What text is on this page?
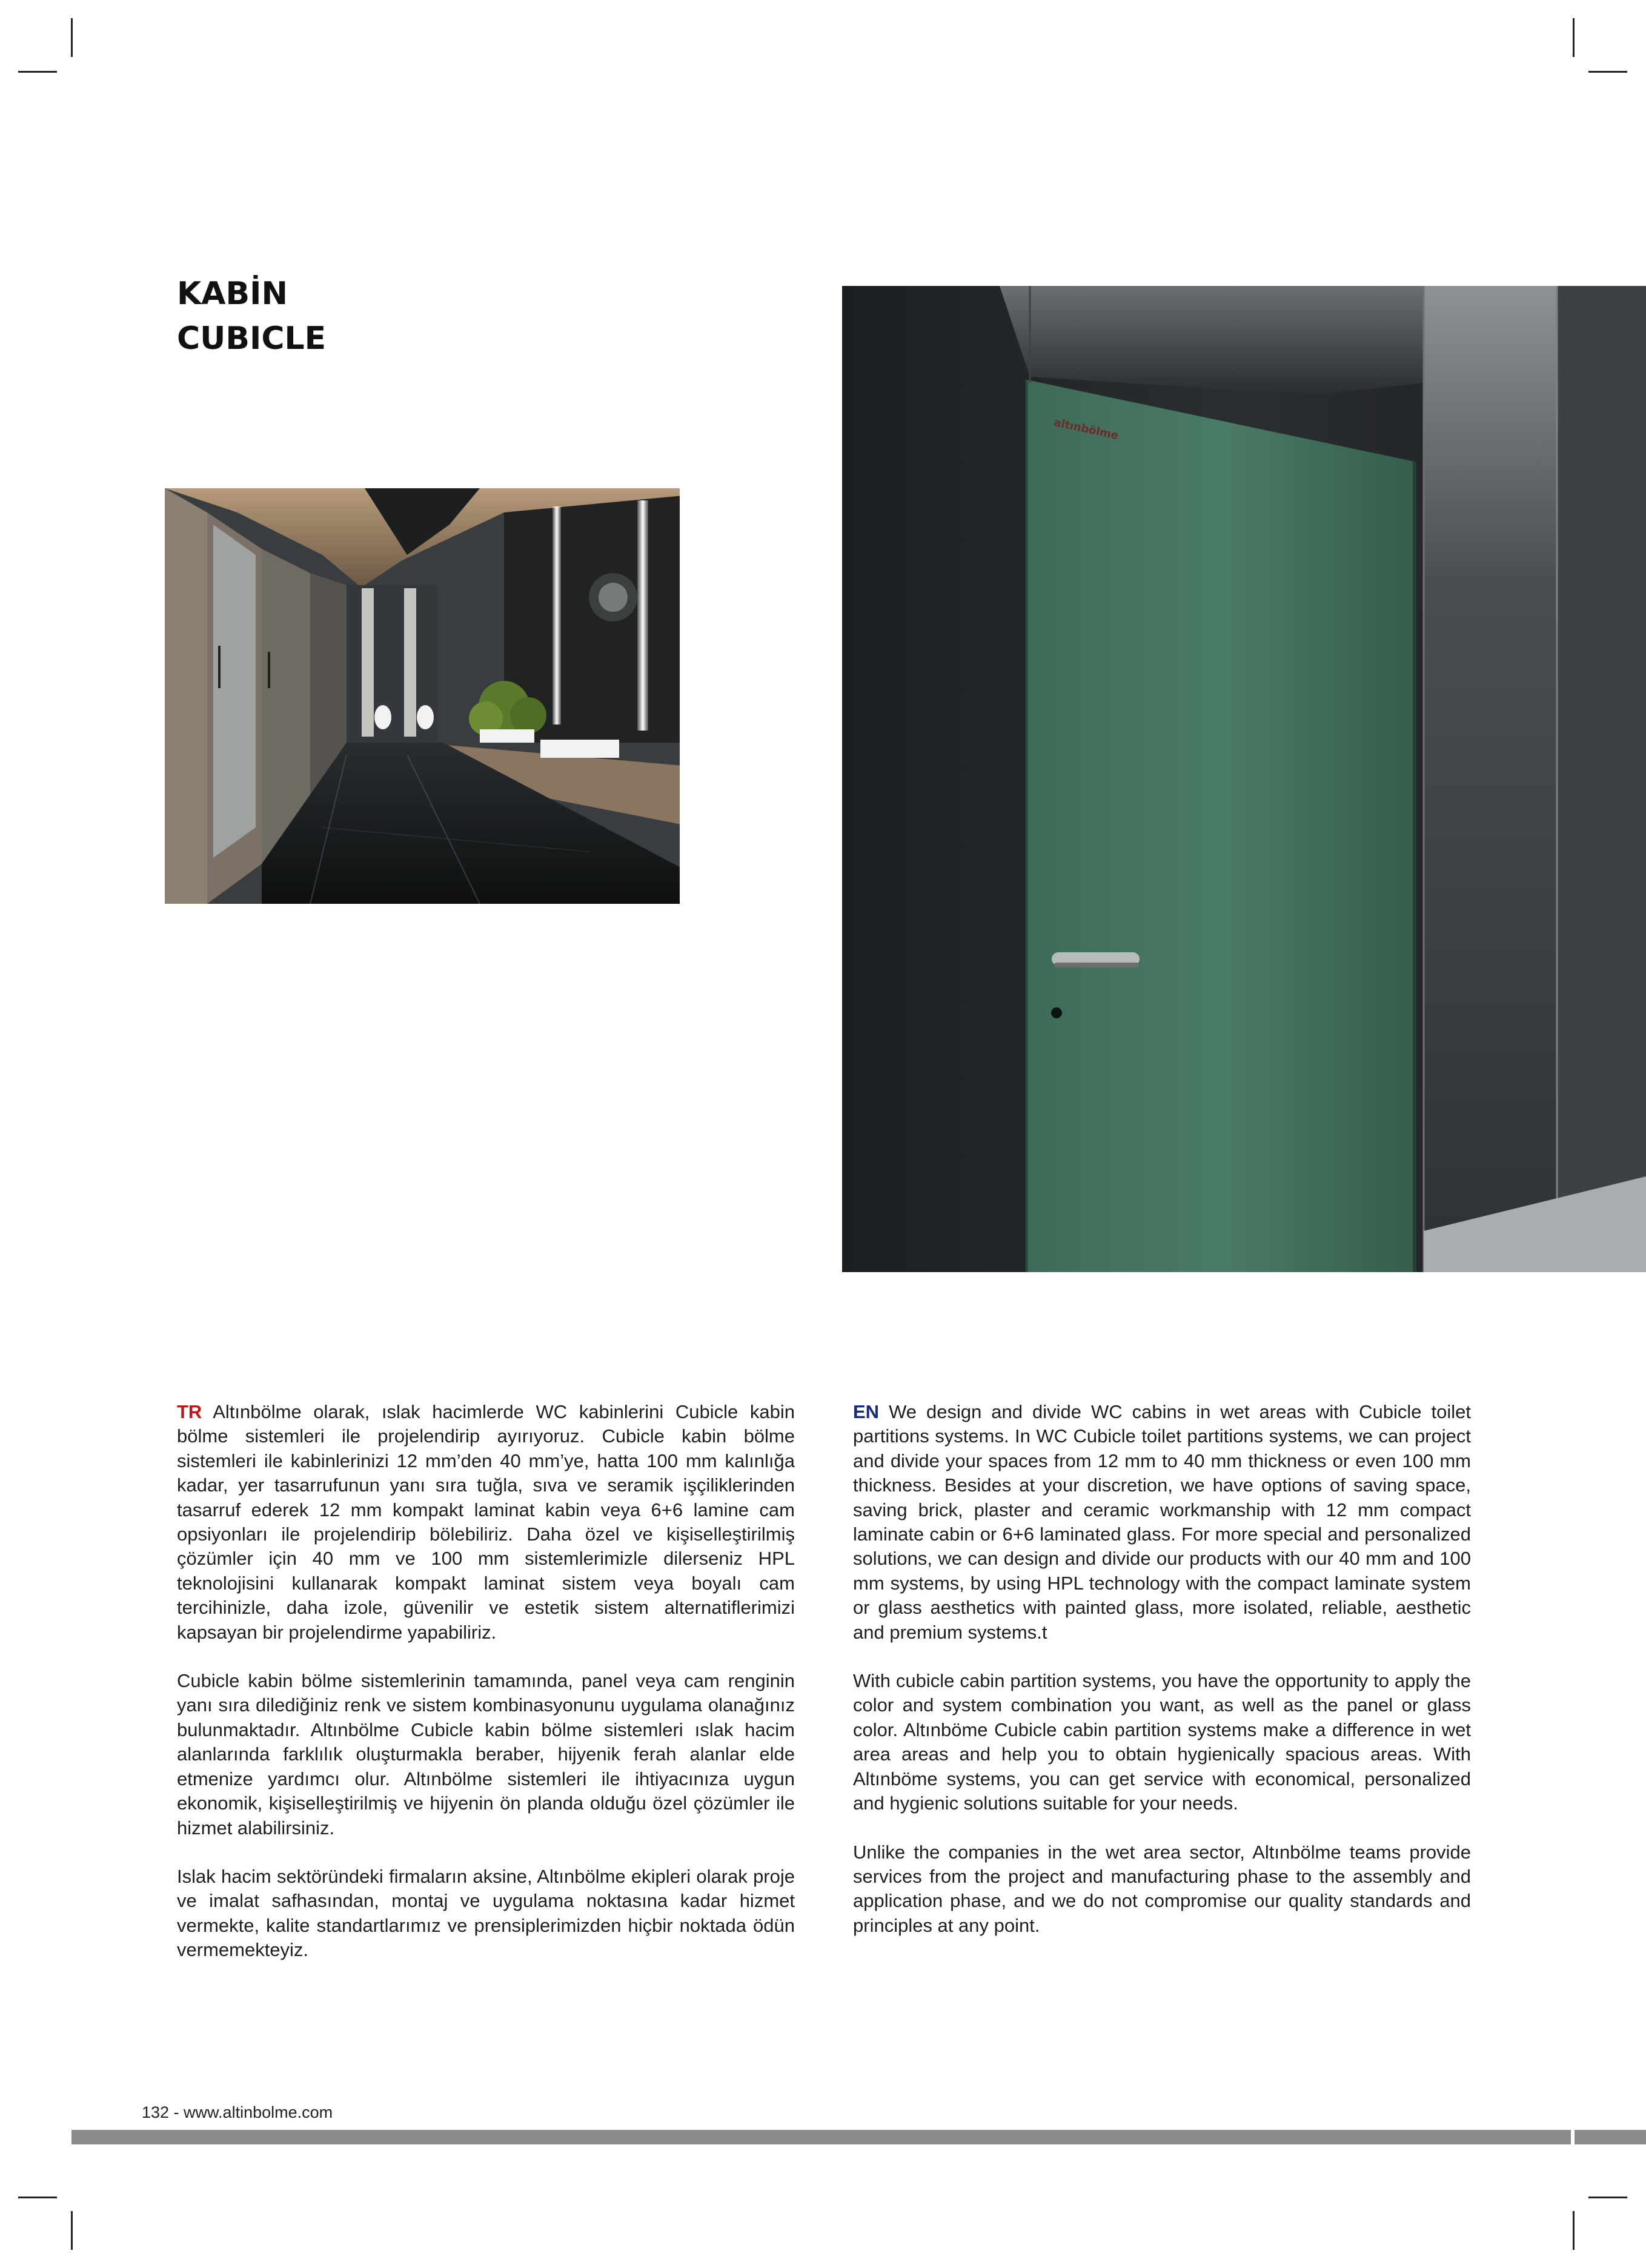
KABİN
CUBICLE
altınbölme

TR Altınbölme olarak, ıslak hacimlerde WC kabinlerini Cubicle kabin bölme sistemleri ile projelendirip ayırıyoruz. Cubicle kabin bölme sistemleri ile kabinlerinizi 12 mm’den 40 mm’ye, hatta 100 mm kalınlığa kadar, yer tasarrufunun yanı sıra tuğla, sıva ve seramik işçiliklerinden tasarruf ederek 12 mm kompakt laminat kabin veya 6+6 lamine cam opsiyonları ile projelendirip bölebiliriz. Daha özel ve kişiselleştirilmiş çözümler için 40 mm ve 100 mm sistemlerimizle dilerseniz HPL teknolojisini kullanarak kompakt laminat sistem veya boyalı cam tercihinizle, daha izole, güvenilir ve estetik sistem alternatiflerimizi kapsayan bir projelendirme yapabiliriz.

Cubicle kabin bölme sistemlerinin tamamında, panel veya cam renginin yanı sıra dilediğiniz renk ve sistem kombinasyonunu uygulama olanağınız bulunmaktadır. Altınbölme Cubicle kabin bölme sistemleri ıslak hacim alanlarında farklılık oluşturmakla beraber, hijyenik ferah alanlar elde etmenize yardımcı olur. Altınbölme sistemleri ile ihtiyacınıza uygun ekonomik, kişiselleştirilmiş ve hijyenin ön planda olduğu özel çözümler ile hizmet alabilirsiniz.

Islak hacim sektöründeki firmaların aksine, Altınbölme ekipleri olarak proje ve imalat safhasından, montaj ve uygulama noktasına kadar hizmet vermekte, kalite standartlarımız ve prensiplerimizden hiçbir noktada ödün vermemekteyiz.

EN We design and divide WC cabins in wet areas with Cubicle toilet partitions systems. In WC Cubicle toilet partitions systems, we can project and divide your spaces from 12 mm to 40 mm thickness or even 100 mm thickness. Besides at your discretion, we have options of saving space, saving brick, plaster and ceramic workmanship with 12 mm compact laminate cabin or 6+6 laminated glass. For more special and personalized solutions, we can design and divide our products with our 40 mm and 100 mm systems, by using HPL technology with the compact laminate system or glass aesthetics with painted glass, more isolated, reliable, aesthetic and premium systems.t

With cubicle cabin partition systems, you have the opportunity to apply the color and system combination you want, as well as the panel or glass color. Altınböme Cubicle cabin partition systems make a difference in wet area areas and help you to obtain hygienically spacious areas. With Altınböme systems, you can get service with economical, personalized and hygienic solutions suitable for your needs.

Unlike the companies in the wet area sector, Altınbölme teams provide services from the project and manufacturing phase to the assembly and application phase, and we do not compromise our quality standards and principles at any point.

132 - www.altinbolme.com
